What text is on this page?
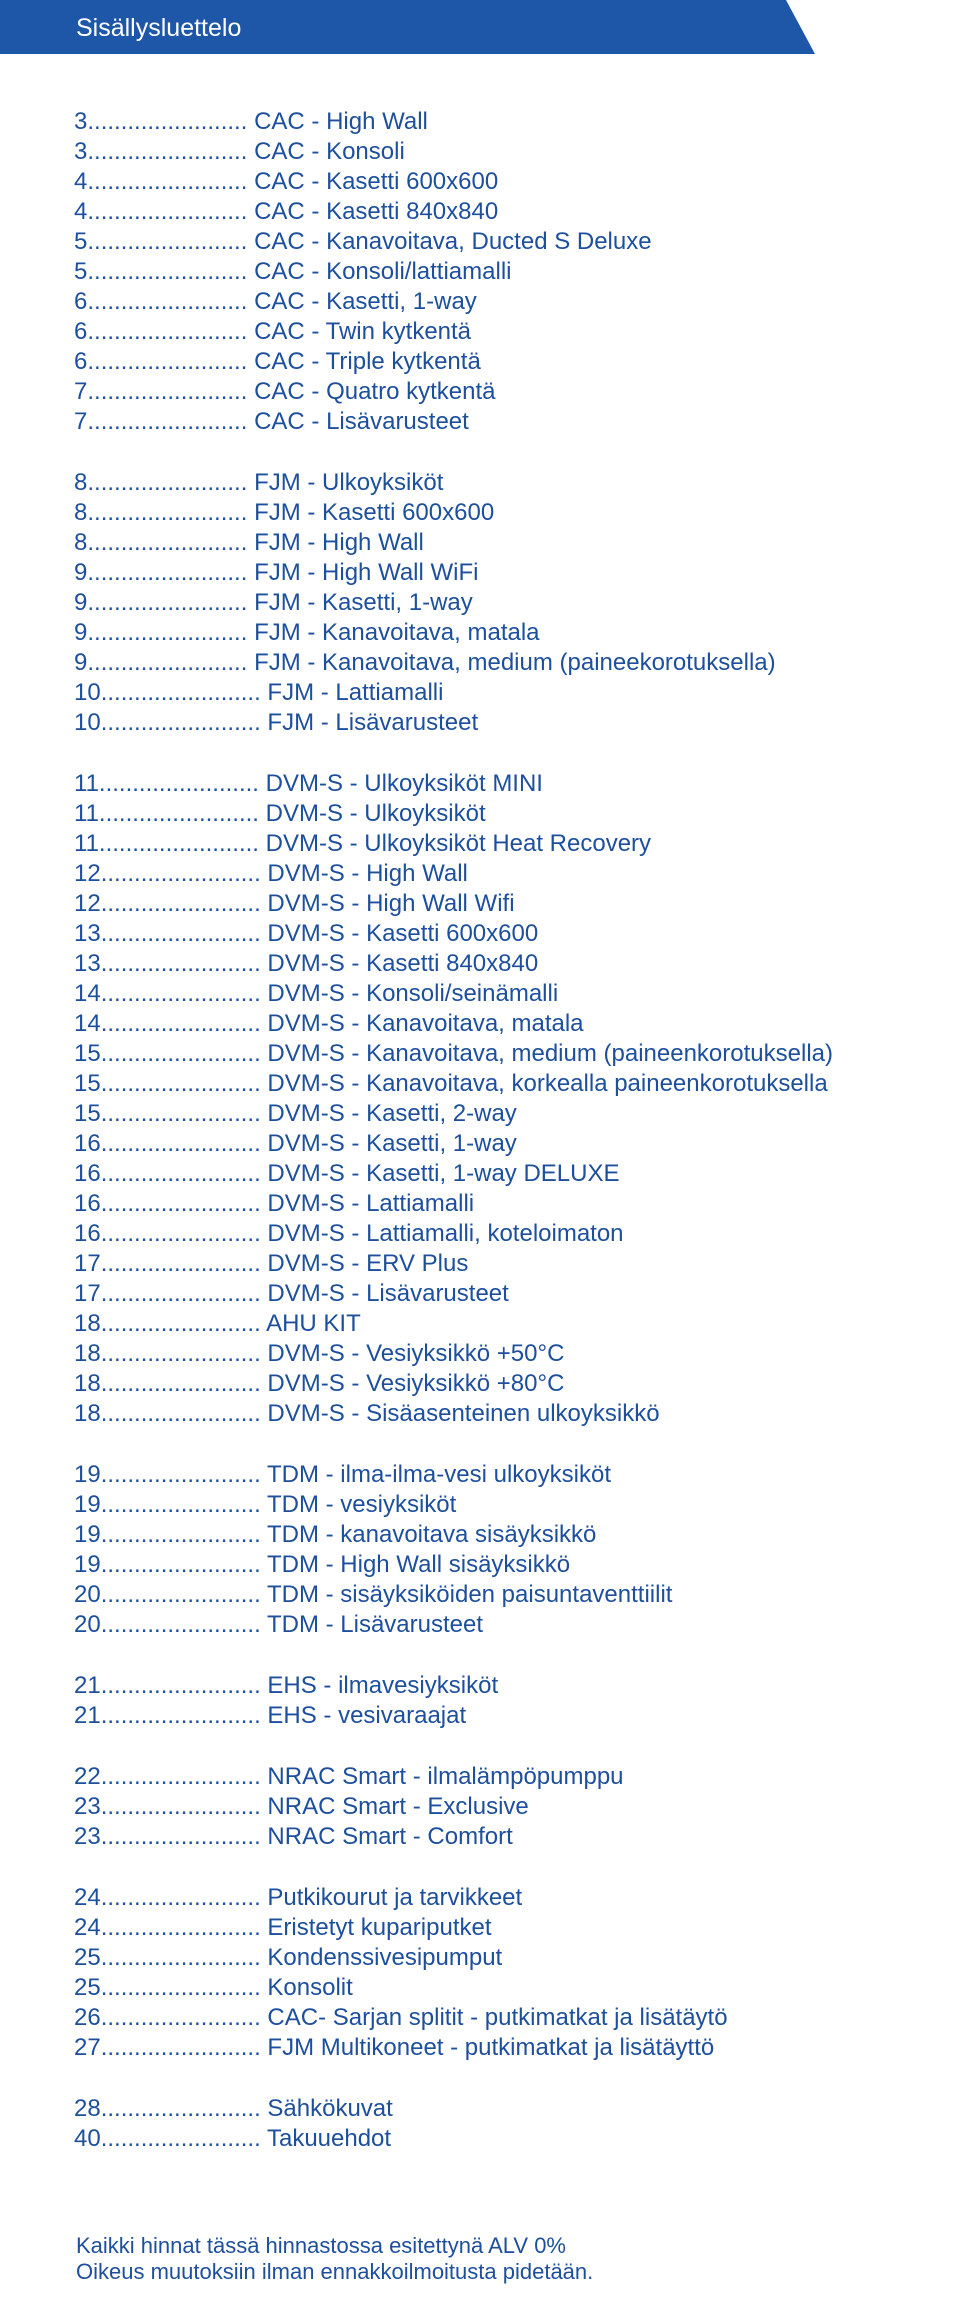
Sisällysluettelo
3 .....	CAC - High Wall
3 .....	CAC - Konsoli
4 .....	CAC - Kasetti 600x600
4 .....	CAC - Kasetti 840x840
5 .....	CAC - Kanavoitava, Ducted S Deluxe
5 .....	CAC - Konsoli/lattiamalli
6 .....	CAC - Kasetti, 1-way
6 .....	CAC - Twin kytkentä
6 .....	CAC - Triple kytkentä
7 .....	CAC - Quatro kytkentä
7 .....	CAC - Lisävarusteet
8 .....	FJM - Ulkoyksiköt
8 .....	FJM - Kasetti 600x600
8 .....	FJM - High Wall
9 .....	FJM - High Wall WiFi
9 .....	FJM - Kasetti, 1-way
9 .....	FJM - Kanavoitava, matala
9 .....	FJM - Kanavoitava, medium (paineekorotuksella)
10 .....	FJM - Lattiamalli
10 .....	FJM - Lisävarusteet
11 .....	DVM-S - Ulkoyksiköt MINI
11 .....	DVM-S - Ulkoyksiköt
11 .....	DVM-S - Ulkoyksiköt Heat Recovery
12 .....	DVM-S - High Wall
12 .....	DVM-S - High Wall Wifi
13 .....	DVM-S - Kasetti 600x600
13 .....	DVM-S - Kasetti 840x840
14 .....	DVM-S - Konsoli/seinämalli
14 .....	DVM-S - Kanavoitava, matala
15 .....	DVM-S - Kanavoitava, medium (paineenkorotuksella)
15 .....	DVM-S - Kanavoitava, korkealla paineenkorotuksella
15 .....	DVM-S - Kasetti, 2-way
16 .....	DVM-S - Kasetti, 1-way
16 .....	DVM-S - Kasetti, 1-way DELUXE
16 .....	DVM-S - Lattiamalli
16 .....	DVM-S - Lattiamalli, koteloimaton
17 .....	DVM-S - ERV Plus
17 .....	DVM-S - Lisävarusteet
18 .....	AHU KIT
18 .....	DVM-S - Vesiyksikkö +50°C
18 .....	DVM-S - Vesiyksikkö +80°C
18 .....	DVM-S - Sisäasenteinen ulkoyksikkö
19 .....	TDM - ilma-ilma-vesi ulkoyksiköt
19 .....	TDM - vesiyksiköt
19 .....	TDM - kanavoitava sisäyksikkö
19 .....	TDM - High Wall sisäyksikkö
20 .....	TDM - sisäyksiköiden paisuntaventtiilit
20 .....	TDM - Lisävarusteet
21 .....	EHS - ilmavesiyksiköt
21 .....	EHS - vesivaraajat
22 .....	NRAC Smart - ilmalämpöpumppu
23 .....	NRAC Smart - Exclusive
23 .....	NRAC Smart - Comfort
24 .....	Putkikourut ja tarvikkeet
24 .....	Eristetyt kupariputket
25 .....	Kondenssivesipumput
25 .....	Konsolit
26 .....	CAC- Sarjan splitit - putkimatkat ja lisätäytö
27 .....	FJM Multikoneet - putkimatkat ja lisätäyttö
28 .....	Sähkökuvat
40 .....	Takuuehdot
Kaikki hinnat tässä hinnastossa esitettynä ALV 0%
Oikeus muutoksiin ilman ennakkoilmoitusta pidetään.
